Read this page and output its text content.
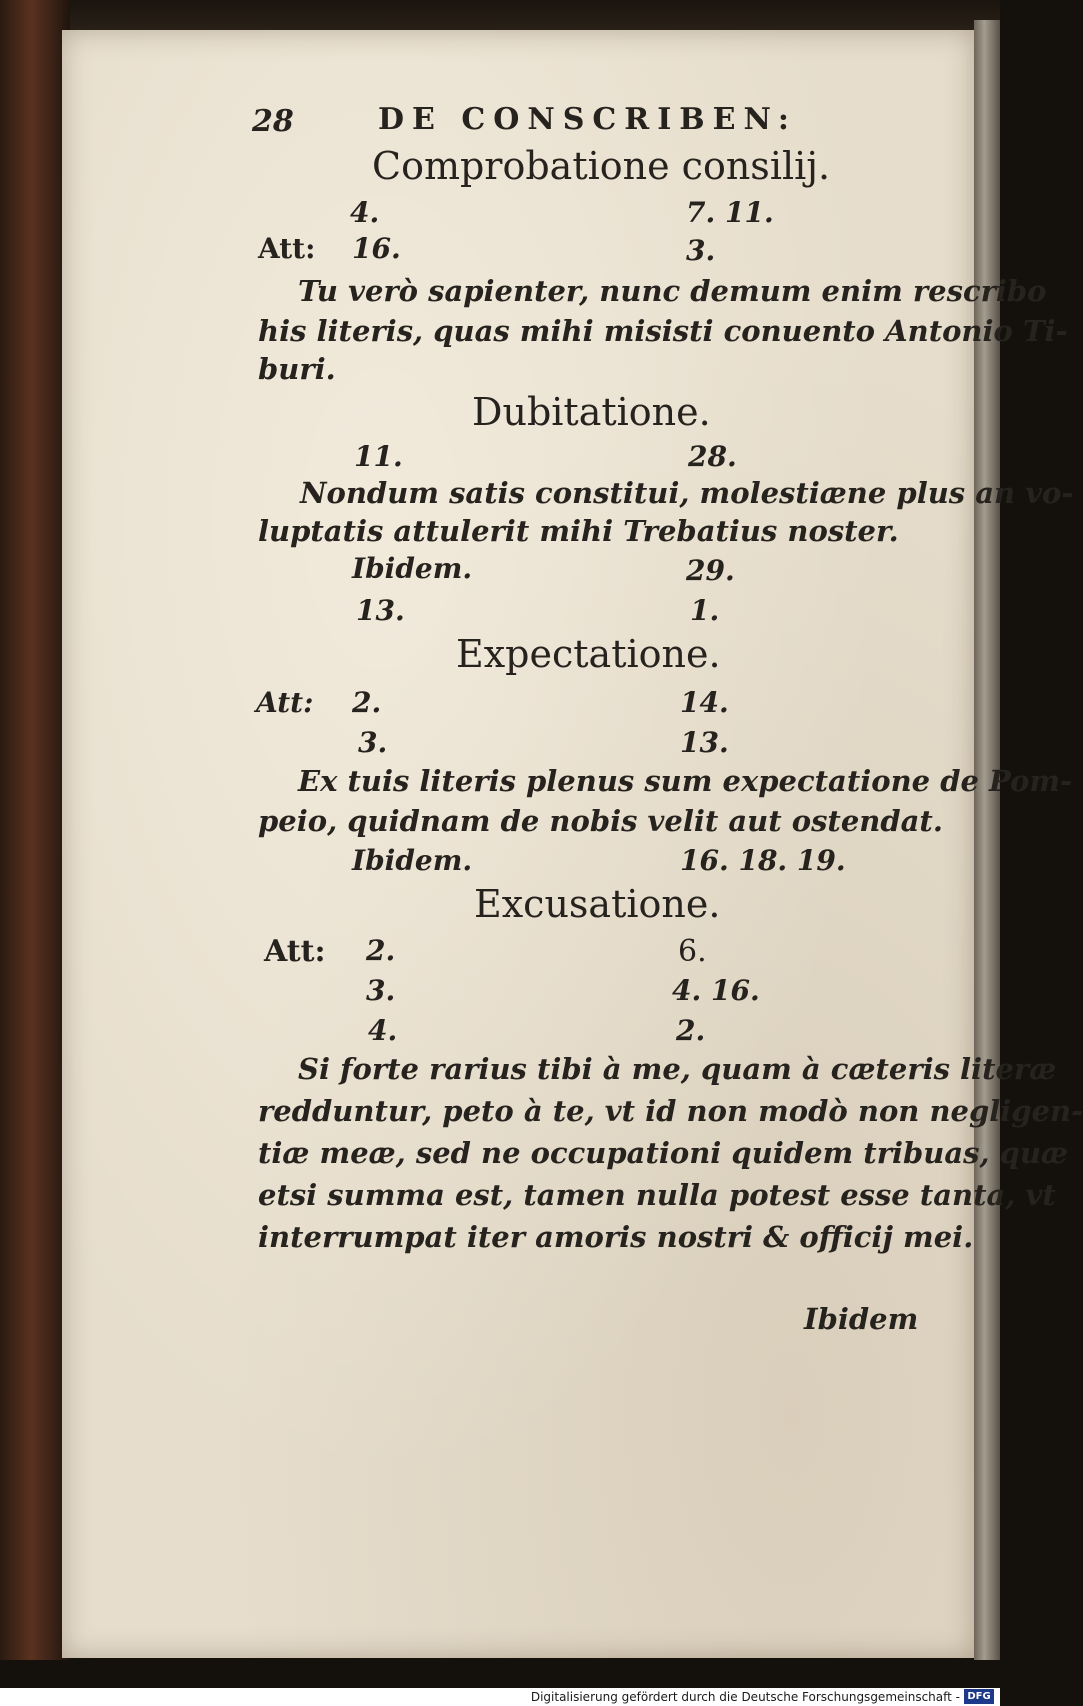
28	DE CONSCRIBEN:

Comprobatione consilij.

4.	7. 11.

Att: 16.	3.

Tu verò sapienter, nunc demum enim rescribo

his literis, quas mihi misisti conuento Antonio Ti-

buri.

Dubitatione.

11.	28.

Nondum satis constitui, molestiæne plus an vo-

luptatis attulerit mihi Trebatius noster.

Ibidem.	29.

13.	1.

Expectatione.

Att: 2.	14.

3.	13.

Ex tuis literis plenus sum expectatione de Pom-

peio, quidnam de nobis velit aut ostendat.

Ibidem.	16. 18. 19.

Excusatione.

Att: 2.	6.

3.	4. 16.

4.	2.

Si forte rarius tibi à me, quam à cæteris literæ

redduntur, peto à te, vt id non modò non negligen-

tiæ meæ, sed ne occupationi quidem tribuas, quæ

etsi summa est, tamen nulla potest esse tanta, vt

interrumpat iter amoris nostri & officij mei.

Ibidem

Digitalisierung gefördert durch die Deutsche Forschungsgemeinschaft - DFG
